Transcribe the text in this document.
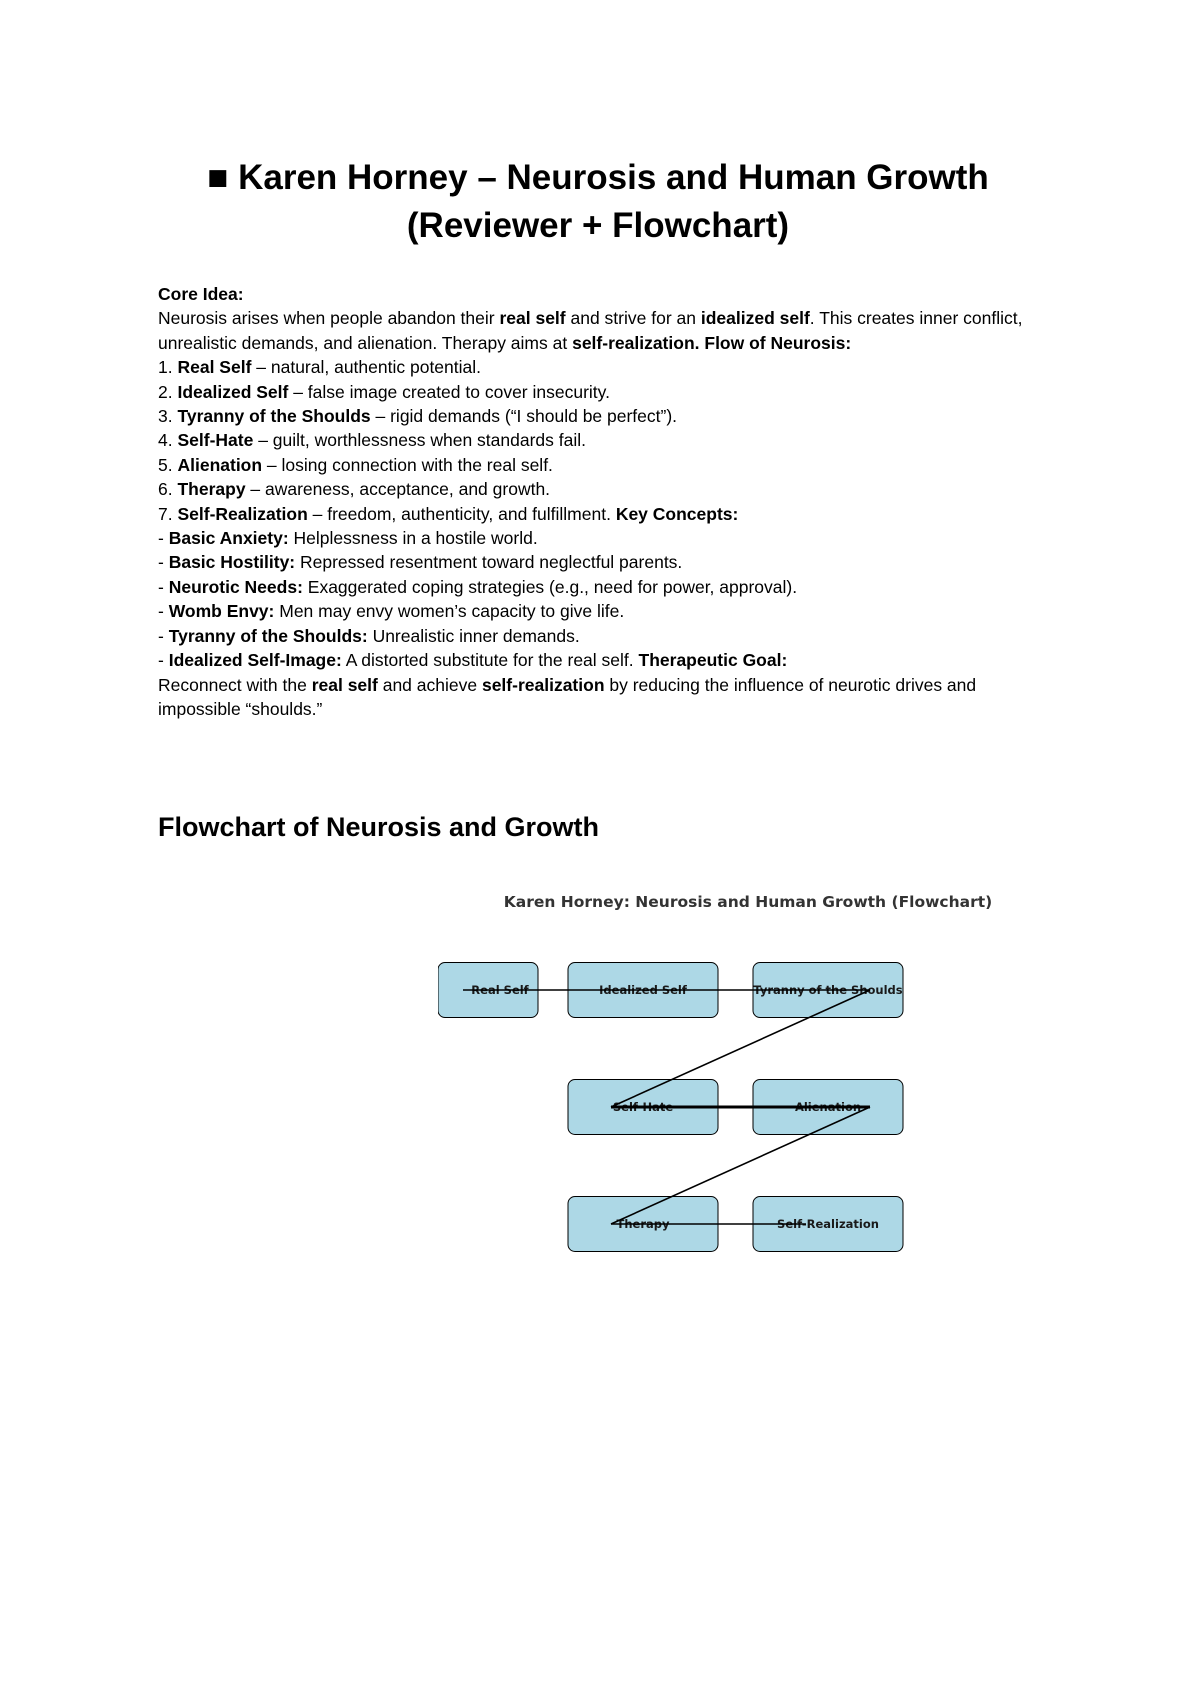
■ Karen Horney – Neurosis and Human Growth
(Reviewer + Flowchart)

Core Idea:
Neurosis arises when people abandon their real self and strive for an idealized self. This creates inner conflict, unrealistic demands, and alienation. Therapy aims at self-realization. Flow of Neurosis:

1. Real Self – natural, authentic potential.
2. Idealized Self – false image created to cover insecurity.
3. Tyranny of the Shoulds – rigid demands (“I should be perfect”).
4. Self-Hate – guilt, worthlessness when standards fail.
5. Alienation – losing connection with the real self.
6. Therapy – awareness, acceptance, and growth.
7. Self-Realization – freedom, authenticity, and fulfillment. Key Concepts:

- Basic Anxiety: Helplessness in a hostile world.
- Basic Hostility: Repressed resentment toward neglectful parents.
- Neurotic Needs: Exaggerated coping strategies (e.g., need for power, approval).
- Womb Envy: Men may envy women’s capacity to give life.
- Tyranny of the Shoulds: Unrealistic inner demands.
- Idealized Self-Image: A distorted substitute for the real self. Therapeutic Goal:

Reconnect with the real self and achieve self-realization by reducing the influence of neurotic drives and impossible “shoulds.”

Flowchart of Neurosis and Growth
Karen Horney: Neurosis and Human Growth (Flowchart)
Real Self	Idealized Self	Tyranny of the Shoulds
Self-Hate	Alienation
Therapy	Self-Realization
